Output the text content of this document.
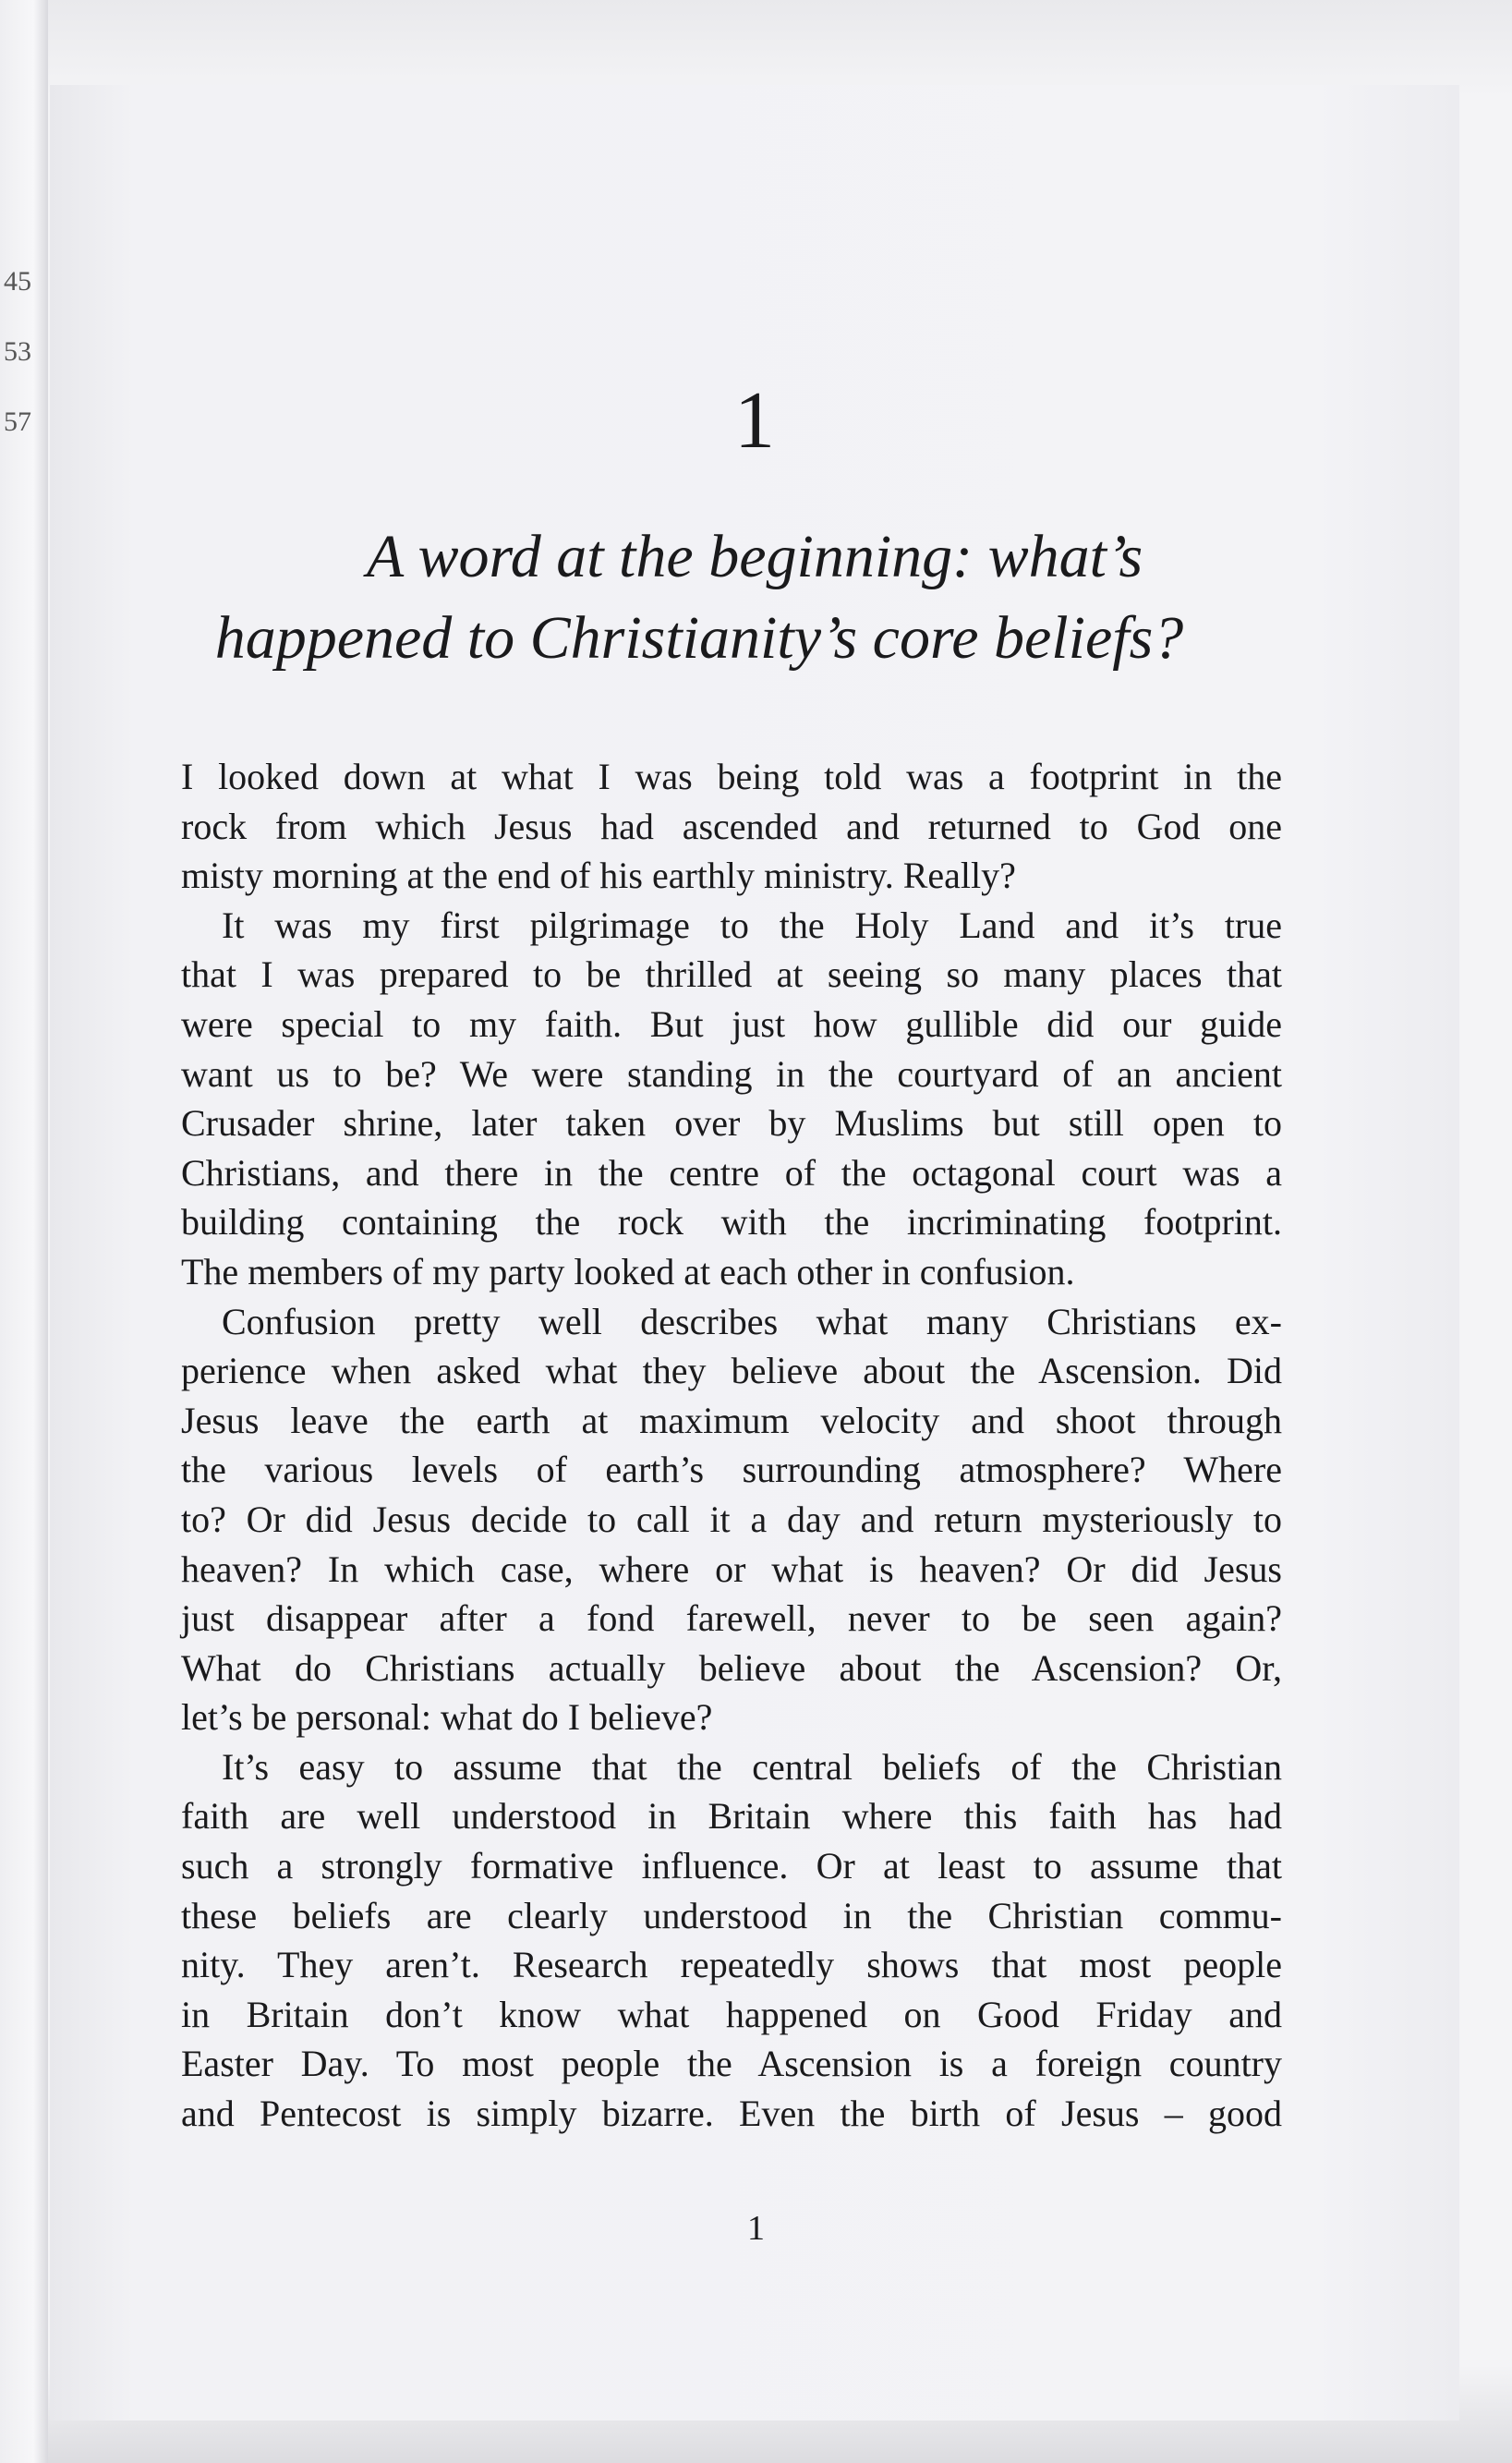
45
53
57	1
A word at the beginning: what’s
happened to Christianity’s core beliefs?
I looked down at what I was being told was a footprint in the
rock from which Jesus had ascended and returned to God one
misty morning at the end of his earthly ministry. Really?
It was my first pilgrimage to the Holy Land and it’s true
that I was prepared to be thrilled at seeing so many places that
were special to my faith. But just how gullible did our guide
want us to be? We were standing in the courtyard of an ancient
Crusader shrine, later taken over by Muslims but still open to
Christians, and there in the centre of the octagonal court was a
building containing the rock with the incriminating footprint.
The members of my party looked at each other in confusion.
Confusion pretty well describes what many Christians ex-
perience when asked what they believe about the Ascension. Did
Jesus leave the earth at maximum velocity and shoot through
the various levels of earth’s surrounding atmosphere? Where
to? Or did Jesus decide to call it a day and return mysteriously to
heaven? In which case, where or what is heaven? Or did Jesus
just disappear after a fond farewell, never to be seen again?
What do Christians actually believe about the Ascension? Or,
let’s be personal: what do I believe?
It’s easy to assume that the central beliefs of the Christian
faith are well understood in Britain where this faith has had
such a strongly formative influence. Or at least to assume that
these beliefs are clearly understood in the Christian commu-
nity. They aren’t. Research repeatedly shows that most people
in Britain don’t know what happened on Good Friday and
Easter Day. To most people the Ascension is a foreign country
and Pentecost is simply bizarre. Even the birth of Jesus – good
1
